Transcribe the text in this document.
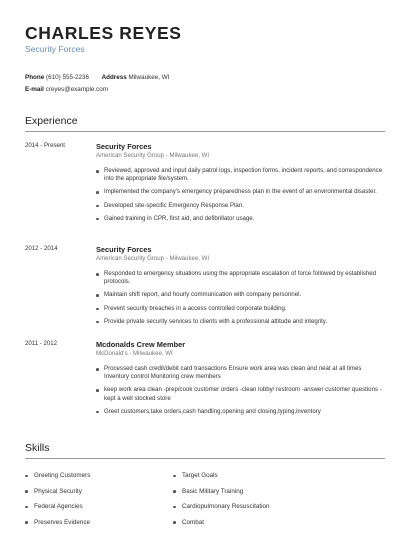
CHARLES REYES
Security Forces
Phone (610) 555-2236 Address Milwaukee, WI
E-mail creyes@example.com
Experience
2014 - Present	Security Forces
American Security Group - Milwaukee, WI
Reviewed, approved and input daily patrol logs, inspection forms, incident reports, and correspondence into the appropriate file/system.
Implemented the company's emergency preparedness plan in the event of an environmental disaster.
Developed site-specific Emergency Response Plan.
Gained training in CPR, first aid, and defibrillator usage.
2012 - 2014	Security Forces
American Security Group - Milwaukee, WI
Responded to emergency situations using the appropriate escalation of force followed by established protocols.
Maintain shift report, and hourly communication with company personnel.
Prevent security breaches in a access controlled corporate building.
Provide private security services to clients with a professional attitude and integrity.
2011 - 2012	Mcdonalds Crew Member
McDonald's - Milwaukee, WI
Processed cash credit/debit card transactions Ensure work area was clean and neat at all times Inventory control Monitoring crew members
keep work area clean -prep/cook customer orders -clean lobby/ restroom -answer customer questions -kept a well stocked store
Greet customers,take orders,cash handling,opening and closing,typing,inventory
Skills
Greeting Customers
Physical Security
Federal Agencies
Preserves Evidence
Target Goals
Basic Military Training
Cardiopulmonary Resuscitation
Combat
